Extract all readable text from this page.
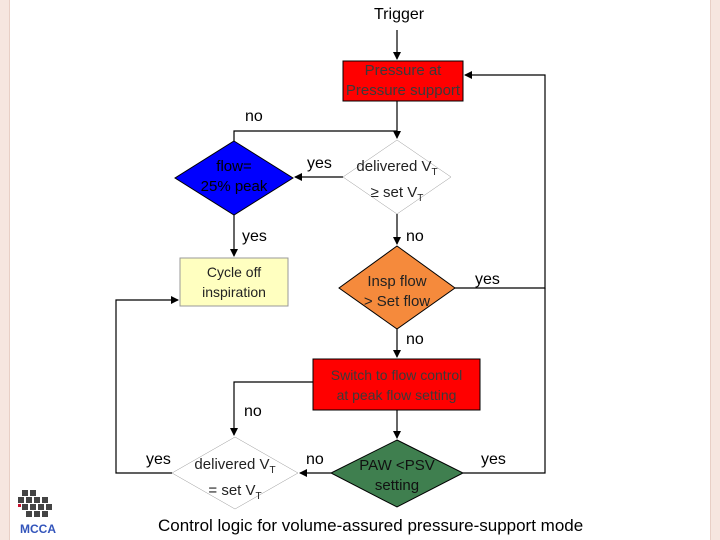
Trigger
Pressure at
Pressure support
flow=
25% peak
delivered $V_T$
≥ set $V_T$
Cycle off
inspiration
Insp flow
> Set flow
Switch to flow control
at peak flow setting
delivered $V_T$
= set $V_T$
PAW <PSV
setting
no
yes
yes	no
yes
no
no
yes	no	yes
MCCA	Control logic for volume-assured pressure-support mode
